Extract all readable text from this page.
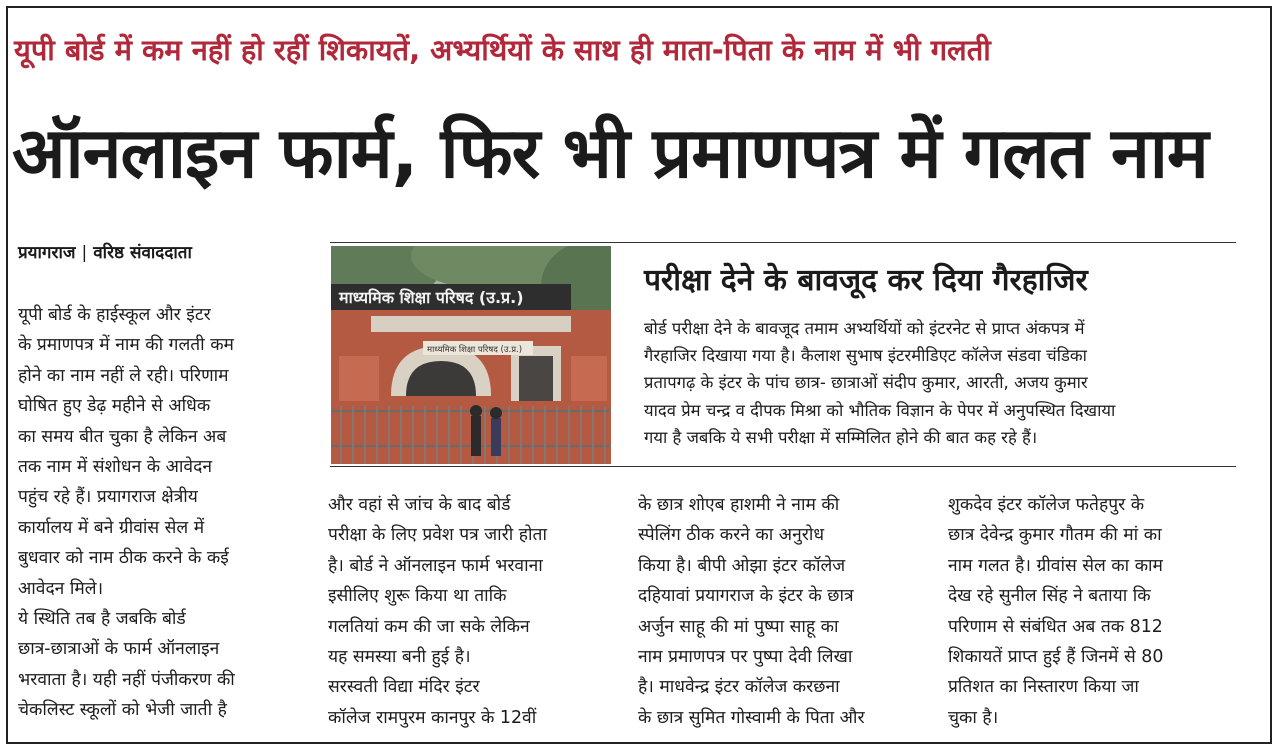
यूपी बोर्ड में कम नहीं हो रहीं शिकायतें, अभ्यर्थियों के साथ ही माता-पिता के नाम में भी गलती
ऑनलाइन फार्म, फिर भी प्रमाणपत्र में गलत नाम
प्रयागराज | वरिष्ठ संवाददाता
यूपी बोर्ड के हाईस्कूल और इंटर
के प्रमाणपत्र में नाम की गलती कम
होने का नाम नहीं ले रही। परिणाम
घोषित हुए डेढ़ महीने से अधिक
का समय बीत चुका है लेकिन अब
तक नाम में संशोधन के आवेदन
पहुंच रहे हैं। प्रयागराज क्षेत्रीय
कार्यालय में बने ग्रीवांस सेल में
बुधवार को नाम ठीक करने के कई
आवेदन मिले।
ये स्थिति तब है जबकि बोर्ड
छात्र-छात्राओं के फार्म ऑनलाइन
भरवाता है। यही नहीं पंजीकरण की
चेकलिस्ट स्कूलों को भेजी जाती है
माध्यमिक शिक्षा परिषद (उ.प्र.)
माध्यमिक शिक्षा परिषद (उ.प्र.)
परीक्षा देने के बावजूद कर दिया गैरहाजिर
बोर्ड परीक्षा देने के बावजूद तमाम अभ्यर्थियों को इंटरनेट से प्राप्त अंकपत्र में
गैरहाजिर दिखाया गया है। कैलाश सुभाष इंटरमीडिएट कॉलेज संडवा चंडिका
प्रतापगढ़ के इंटर के पांच छात्र- छात्राओं संदीप कुमार, आरती, अजय कुमार
यादव प्रेम चन्द्र व दीपक मिश्रा को भौतिक विज्ञान के पेपर में अनुपस्थित दिखाया
गया है जबकि ये सभी परीक्षा में सम्मिलित होने की बात कह रहे हैं।
और वहां से जांच के बाद बोर्ड
परीक्षा के लिए प्रवेश पत्र जारी होता
है। बोर्ड ने ऑनलाइन फार्म भरवाना
इसीलिए शुरू किया था ताकि
गलतियां कम की जा सके लेकिन
यह समस्या बनी हुई है।
सरस्वती विद्या मंदिर इंटर
कॉलेज रामपुरम कानपुर के 12वीं
के छात्र शोएब हाशमी ने नाम की
स्पेलिंग ठीक करने का अनुरोध
किया है। बीपी ओझा इंटर कॉलेज
दहियावां प्रयागराज के इंटर के छात्र
अर्जुन साहू की मां पुष्पा साहू का
नाम प्रमाणपत्र पर पुष्पा देवी लिखा
है। माधवेन्द्र इंटर कॉलेज करछना
के छात्र सुमित गोस्वामी के पिता और
शुकदेव इंटर कॉलेज फतेहपुर के
छात्र देवेन्द्र कुमार गौतम की मां का
नाम गलत है। ग्रीवांस सेल का काम
देख रहे सुनील सिंह ने बताया कि
परिणाम से संबंधित अब तक 812
शिकायतें प्राप्त हुई हैं जिनमें से 80
प्रतिशत का निस्तारण किया जा
चुका है।
